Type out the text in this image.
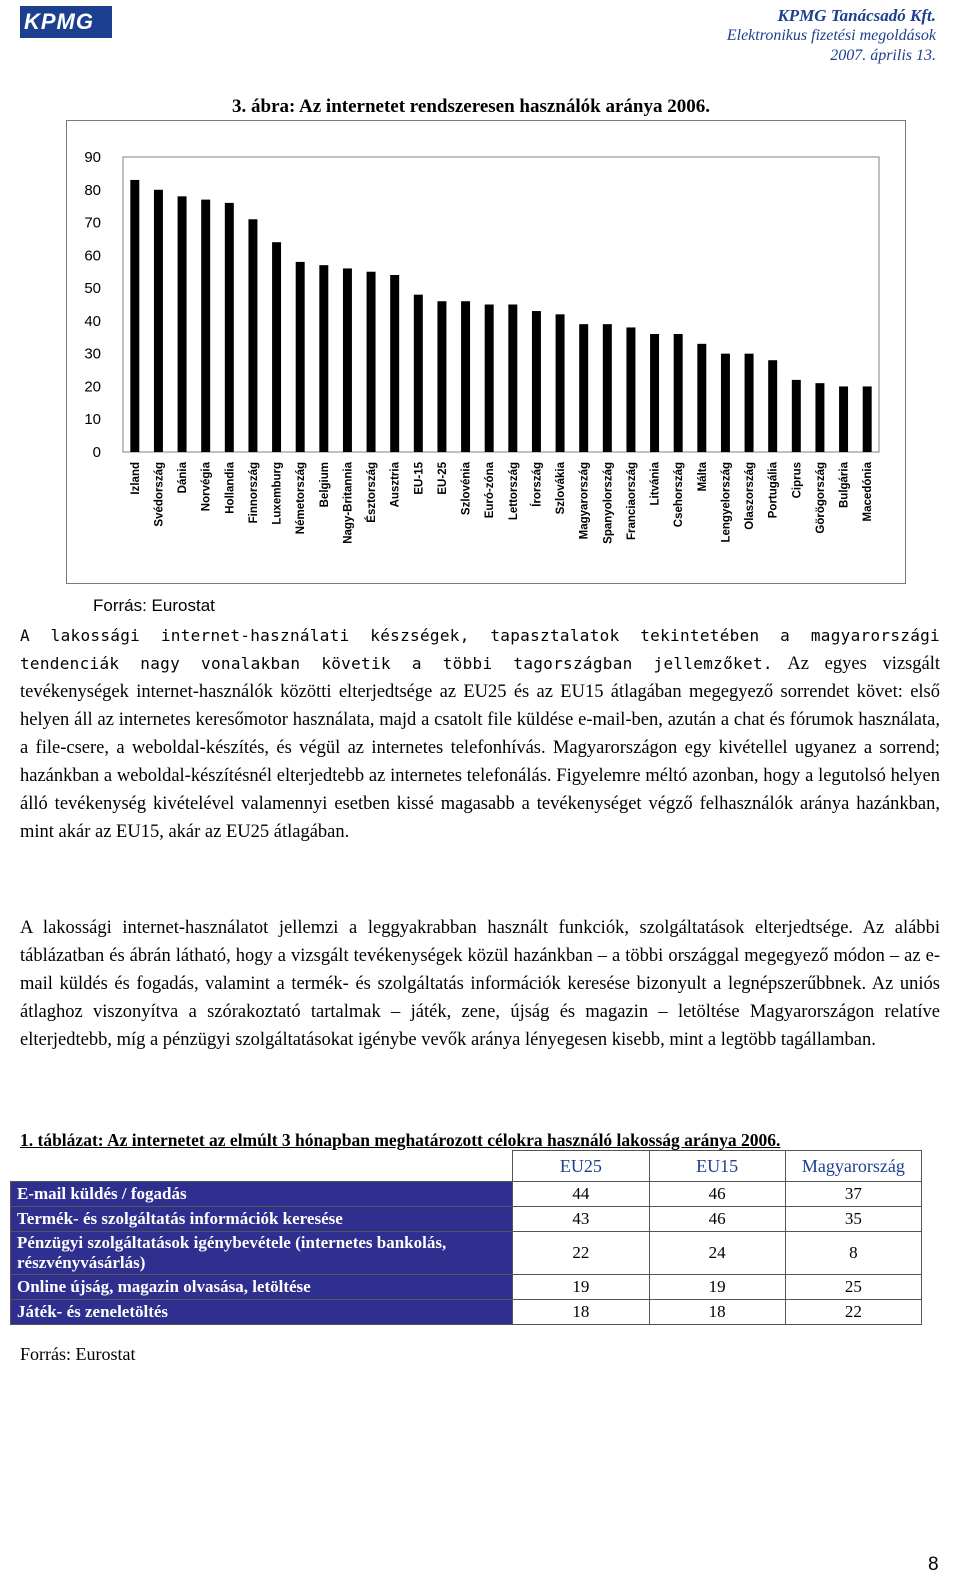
KPMG	KPMG Tanácsadó Kft.
Elektronikus fizetési megoldások
2007. április 13.
3. ábra: Az internetet rendszeresen használók aránya 2006.
0
10
20
30
40
50
60
70
80
90
Izland Svédország Dánia Norvégia Hollandia Finnország Luxemburg Németország Belgium Nagy-Britannia Észtország Ausztria EU-15 EU-25 Szlovénia Euró-zóna Lettország Írország Szlovákia Magyarország Spanyolország Franciaország Litvánia Csehország Málta Lengyelország Olaszország Portugália Ciprus Görögország Bulgária Macedónia
Forrás: Eurostat

A lakossági internet-használati készségek, tapasztalatok tekintetében a magyarországi tendenciák nagy vonalakban követik a többi tagországban jellemzőket. Az egyes vizsgált tevékenységek internet-használók közötti elterjedtsége az EU25 és az EU15 átlagában megegyező sorrendet követ: első helyen áll az internetes keresőmotor használata, majd a csatolt file küldése e-mail-ben, azután a chat és fórumok használata, a file-csere, a weboldal-készítés, és végül az internetes telefonhívás. Magyarországon egy kivétellel ugyanez a sorrend; hazánkban a weboldal-készítésnél elterjedtebb az internetes telefonálás. Figyelemre méltó azonban, hogy a legutolsó helyen álló tevékenység kivételével valamennyi esetben kissé magasabb a tevékenységet végző felhasználók aránya hazánkban, mint akár az EU15, akár az EU25 átlagában.

A lakossági internet-használatot jellemzi a leggyakrabban használt funkciók, szolgáltatások elterjedtsége. Az alábbi táblázatban és ábrán látható, hogy a vizsgált tevékenységek közül hazánkban – a többi országgal megegyező módon – az e-mail küldés és fogadás, valamint a termék- és szolgáltatás információk keresése bizonyult a legnépszerűbbnek. Az uniós átlaghoz viszonyítva a szórakoztató tartalmak – játék, zene, újság és magazin – letöltése Magyarországon relatíve elterjedtebb, míg a pénzügyi szolgáltatásokat igénybe vevők aránya lényegesen kisebb, mint a legtöbb tagállamban.

1. táblázat: Az internetet az elmúlt 3 hónapban meghatározott célokra használó lakosság aránya 2006.
	EU25	EU15	Magyarország
E-mail küldés / fogadás	44	46	37
Termék- és szolgáltatás információk keresése	43	46	35
Pénzügyi szolgáltatások igénybevétele (internetes bankolás, részvényvásárlás)	22	24	8
Online újság, magazin olvasása, letöltése	19	19	25
Játék- és zeneletöltés	18	18	22
Forrás: Eurostat
8
